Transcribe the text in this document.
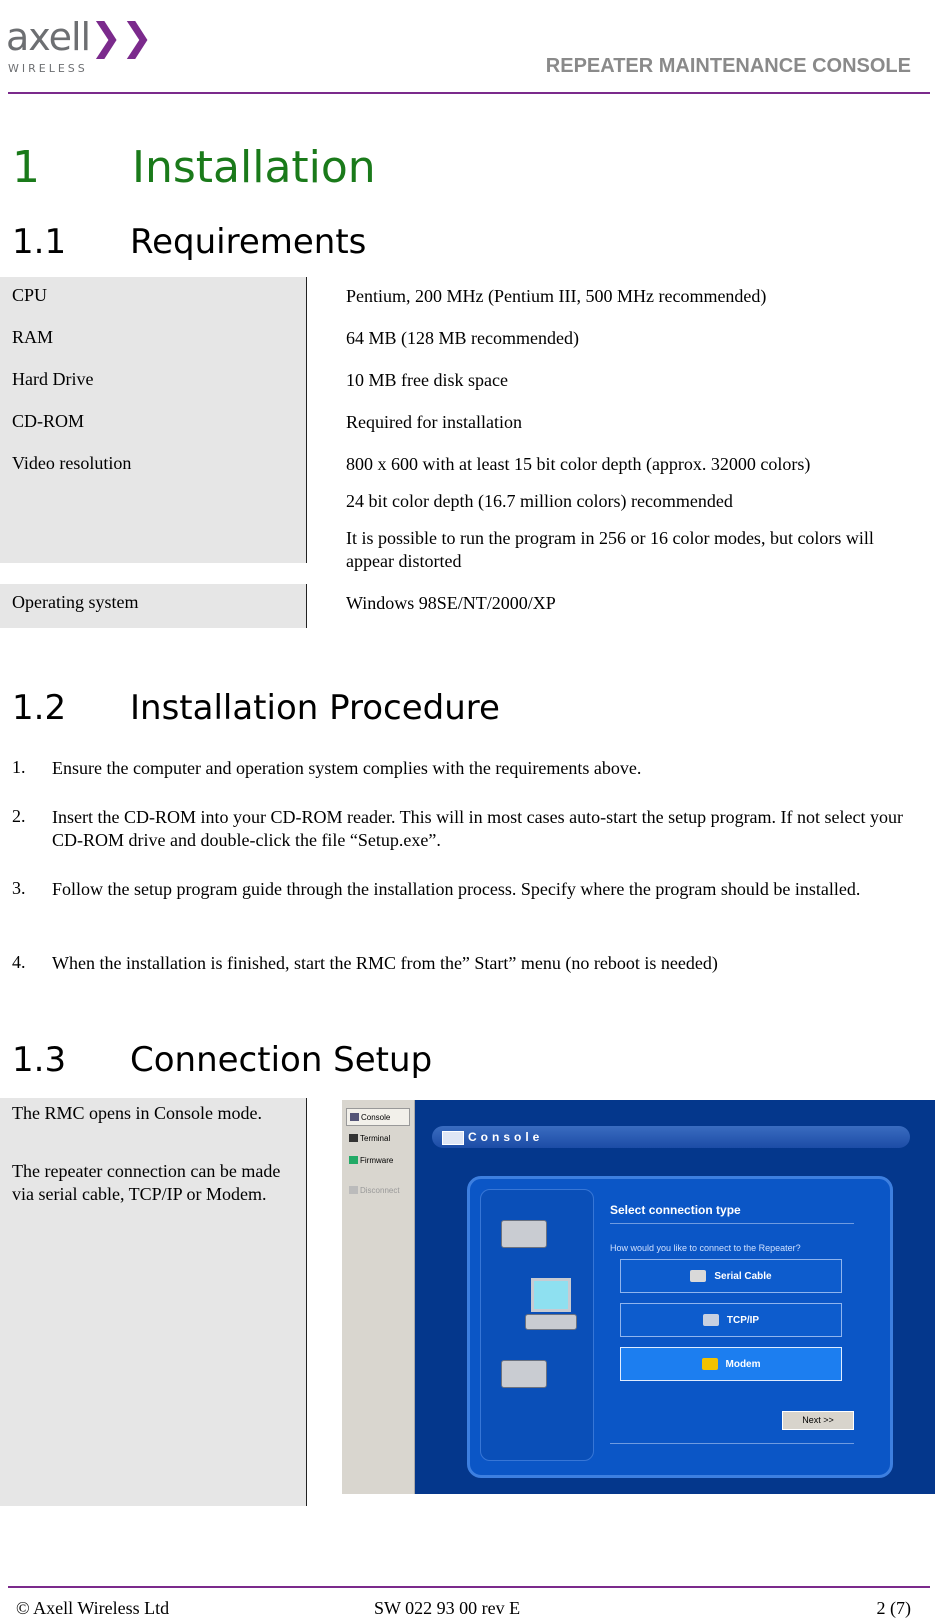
axell❯❯
WIRELESS	REPEATER MAINTENANCE CONSOLE
1 Installation
1.1 Requirements
CPU	Pentium, 200 MHz (Pentium III, 500 MHz recommended)
RAM	64 MB (128 MB recommended)
Hard Drive	10 MB free disk space
CD-ROM	Required for installation
Video resolution	800 x 600 with at least 15 bit color depth (approx. 32000 colors)
24 bit color depth (16.7 million colors) recommended
It is possible to run the program in 256 or 16 color modes, but colors will appear distorted
Operating system	Windows 98SE/NT/2000/XP
1.2 Installation Procedure
1. Ensure the computer and operation system complies with the requirements above.
2. Insert the CD-ROM into your CD-ROM reader. This will in most cases auto-start the setup program. If not select your CD-ROM drive and double-click the file “Setup.exe”.
3. Follow the setup program guide through the installation process. Specify where the program should be installed.
4. When the installation is finished, start the RMC from the” Start” menu (no reboot is needed)
1.3 Connection Setup
The RMC opens in Console mode.
The repeater connection can be made via serial cable, TCP/IP or Modem.
Console
Terminal
Firmware
Disconnect
Console
Select connection type
How would you like to connect to the Repeater?
Serial Cable
TCP/IP
Modem
Next >>
© Axell Wireless Ltd	SW 022 93 00 rev E	2 (7)
